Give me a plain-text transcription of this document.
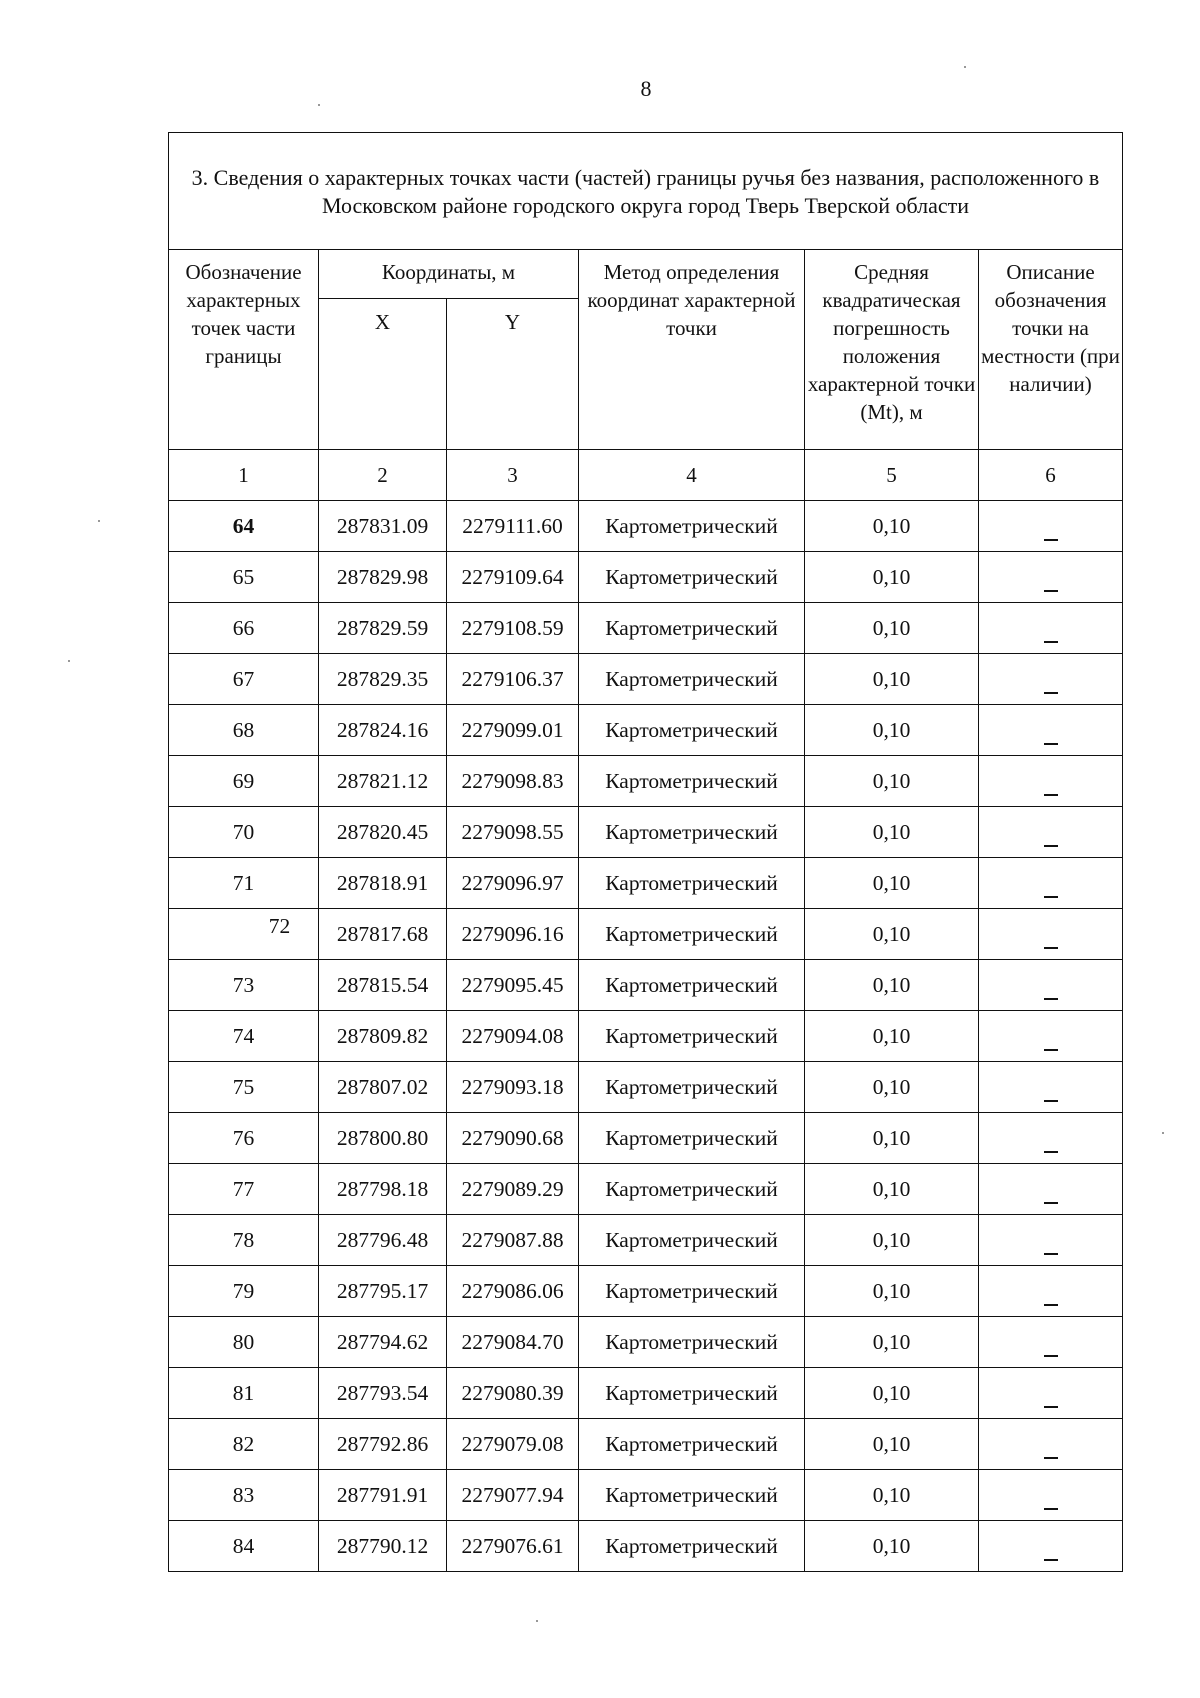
8
3. Сведения о характерных точках части (частей) границы ручья без названия, расположенного в Московском районе городского округа город Тверь Тверской области					
Обозначение характерных точек части границы	Координаты, м		Метод определения координат характерной точки	Средняя квадратическая погрешность положения характерной точки (Mt), м	Описание обозначения точки на местности (при наличии)
	X	Y			
1	2	3	4	5	6
64	287831.09	2279111.60	Картометрический	0,10	
65	287829.98	2279109.64	Картометрический	0,10	
66	287829.59	2279108.59	Картометрический	0,10	
67	287829.35	2279106.37	Картометрический	0,10	
68	287824.16	2279099.01	Картометрический	0,10	
69	287821.12	2279098.83	Картометрический	0,10	
70	287820.45	2279098.55	Картометрический	0,10	
71	287818.91	2279096.97	Картометрический	0,10	
72	287817.68	2279096.16	Картометрический	0,10	
73	287815.54	2279095.45	Картометрический	0,10	
74	287809.82	2279094.08	Картометрический	0,10	
75	287807.02	2279093.18	Картометрический	0,10	
76	287800.80	2279090.68	Картометрический	0,10	
77	287798.18	2279089.29	Картометрический	0,10	
78	287796.48	2279087.88	Картометрический	0,10	
79	287795.17	2279086.06	Картометрический	0,10	
80	287794.62	2279084.70	Картометрический	0,10	
81	287793.54	2279080.39	Картометрический	0,10	
82	287792.86	2279079.08	Картометрический	0,10	
83	287791.91	2279077.94	Картометрический	0,10	
84	287790.12	2279076.61	Картометрический	0,10	
